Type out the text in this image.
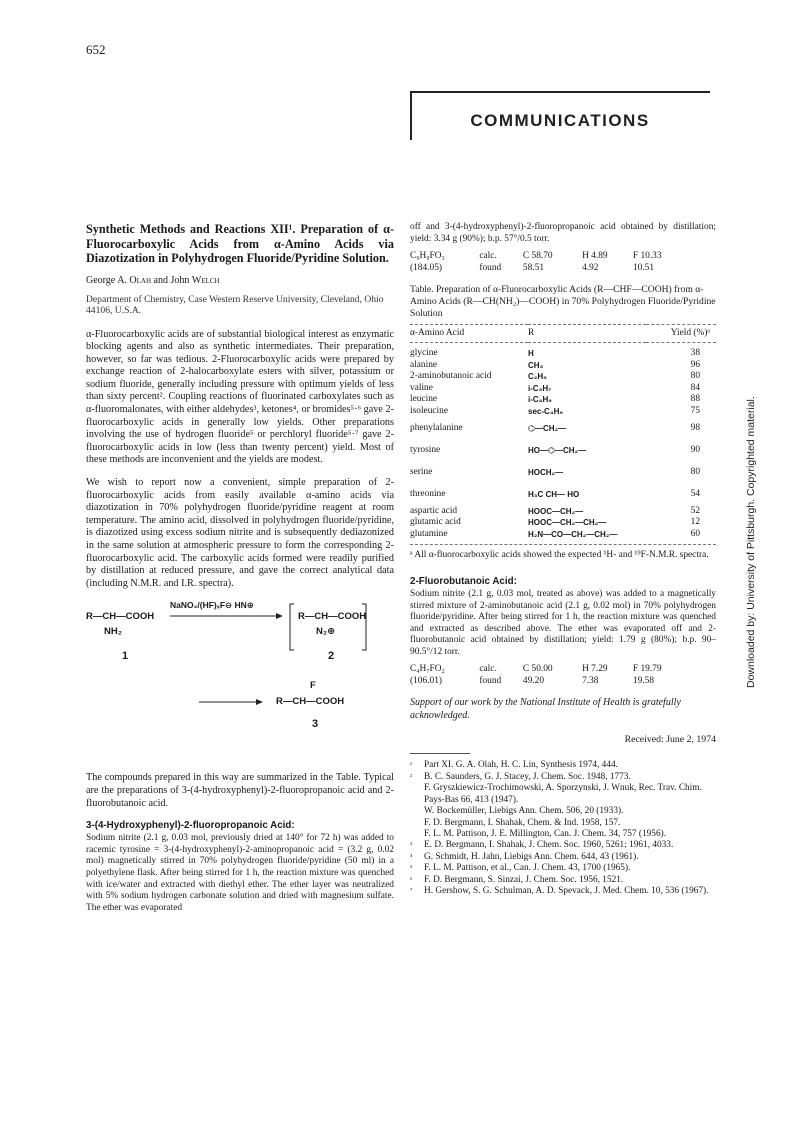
652
COMMUNICATIONS
Downloaded by: University of Pittsburgh. Copyrighted material.
Synthetic Methods and Reactions XII¹. Preparation of α-Fluorocarboxylic Acids from α-Amino Acids via Diazotization in Polyhydrogen Fluoride/Pyridine Solution.
George A. Olah and John Welch
Department of Chemistry, Case Western Reserve University, Cleveland, Ohio 44106, U.S.A.

α-Fluorocarboxylic acids are of substantial biological interest as enzymatic blocking agents and also as synthetic intermediates. Their preparation, however, so far was tedious. 2-Fluorocarboxylic acids were prepared by exchange reaction of 2-halocarboxylate esters with silver, potassium or sodium fluoride, generally including pressure with optimum yields of less than sixty percent². Coupling reactions of fluorinated carboxylates such as α-fluoromalonates, with either aldehydes³, ketones⁴, or bromides⁵·⁶ gave 2-fluorocarboxylic acids in generally low yields. Other preparations involving the use of hydrogen fluoride⁵ or perchloryl fluoride⁵·⁷ gave 2-fluorocarboxylic acids in low (less than twenty percent) yield. Most of these methods are inconvenient and the yields are modest.

We wish to report now a convenient, simple preparation of 2-fluorocarboxylic acids from easily available α-amino acids via diazotization in 70% polyhydrogen fluoride/pyridine reagent at room temperature. The amino acid, dissolved in polyhydrogen fluoride/pyridine, is diazotized using excess sodium nitrite and is subsequently dediazonized in the same solution at atmospheric pressure to form the corresponding 2-fluorocarboxylic acid. The carboxylic acids formed were readily purified by distillation at reduced pressure, and gave the correct analytical data (including N.M.R. and I.R. spectra).

NaNO₂/(HF)ₓF⊖ HN⊕
R—CH—COOH
NH₂
R—CH—COOH
N₂⊕
1	2
F
R—CH—COOH
3

The compounds prepared in this way are summarized in the Table. Typical are the preparations of 3-(4-hydroxyphenyl)-2-fluoropropanoic acid and 2-fluorobutanoic acid.

3-(4-Hydroxyphenyl)-2-fluoropropanoic Acid:

Sodium nitrite (2.1 g, 0.03 mol, previously dried at 140° for 72 h) was added to racemic tyrosine = 3-(4-hydroxyphenyl)-2-aminopropanoic acid = (3.2 g, 0.02 mol) magnetically stirred in 70% polyhydrogen fluoride/pyridine (50 ml) in a polyethylene flask. After being stirred for 1 h, the reaction mixture was quenched with ice/water and extracted with diethyl ether. The ether layer was neutralized with 5% sodium hydrogen carbonate solution and dried with magnesium sulfate. The ether was evaporated

off and 3-(4-hydroxyphenyl)-2-fluoropropanoic acid obtained by distillation; yield: 3.34 g (90%); b.p. 57°/0.5 torr.

C₉H₉FO₃	calc.	C 58.70	H 4.89	F 10.33
(184.05)	found	58.51	4.92	10.51
Table. Preparation of α-Fluorocarboxylic Acids (R—CHF—COOH) from α-Amino Acids (R—CH(NH₂)—COOH) in 70% Polyhydrogen Fluoride/Pyridine Solution
α-Amino Acid	R	Yield (%)ᵃ

glycine	H	38
alanine	CH₃	96
2-aminobutanoic acid	C₂H₅	80
valine	i-C₃H₇	84
leucine	i-C₄H₉	88
isoleucine	sec-C₄H₉	75
phenylalanine	⌬—CH₂—	98
tyrosine	HO—⌬—CH₂—	90
serine	HOCH₂—	80
threonine	H₃C CH— HO	54
aspartic acid	HOOC—CH₂—	52
glutamic acid	HOOC—CH₂—CH₂—	12
glutamine	H₂N—CO—CH₂—CH₂—	60
ᵃ All α-fluorocarboxylic acids showed the expected ¹H- and ¹⁹F-N.M.R. spectra.
2-Fluorobutanoic Acid:

Sodium nitrite (2.1 g, 0.03 mol, treated as above) was added to a magnetically stirred mixture of 2-aminobutanoic acid (2.1 g, 0.02 mol) in 70% polyhydrogen fluoride/pyridine. After being stirred for 1 h, the reaction mixture was quenched and extracted as described above. The ether was evaporated off and 2-fluorobutanoic acid obtained by distillation; yield: 1.79 g (80%); b.p. 90–90.5°/12 torr.

C₄H₇FO₂	calc.	C 50.00	H 7.29	F 19.79
(106.01)	found	49.20	7.38	19.58

Support of our work by the National Institute of Health is gratefully acknowledged.

Received: June 2, 1974
¹ Part XI. G. A. Olah, H. C. Lin, Synthesis 1974, 444.
² B. C. Saunders, G. J. Stacey, J. Chem. Soc. 1948, 1773.
F. Gryszkiewicz-Trochimowski, A. Sporzynski, J. Wnuk, Rec. Trav. Chim. Pays-Bas 66, 413 (1947).
W. Bockemüller, Liebigs Ann. Chem. 506, 20 (1933).
F. D. Bergmann, I. Shahak, Chem. & Ind. 1958, 157.
F. L. M. Pattison, J. E. Millington, Can. J. Chem. 34, 757 (1956).
³ E. D. Bergmann, I. Shahak, J. Chem. Soc. 1960, 5261; 1961, 4033.
⁴ G. Schmidt, H. Jahn, Liebigs Ann. Chem. 644, 43 (1961).
⁵ F. L. M. Pattison, et al., Can. J. Chem. 43, 1700 (1965).
⁶ F. D. Bergmann, S. Sinzai, J. Chem. Soc. 1956, 1521.
⁷ H. Gershow, S. G. Schulman, A. D. Spevack, J. Med. Chem. 10, 536 (1967).
